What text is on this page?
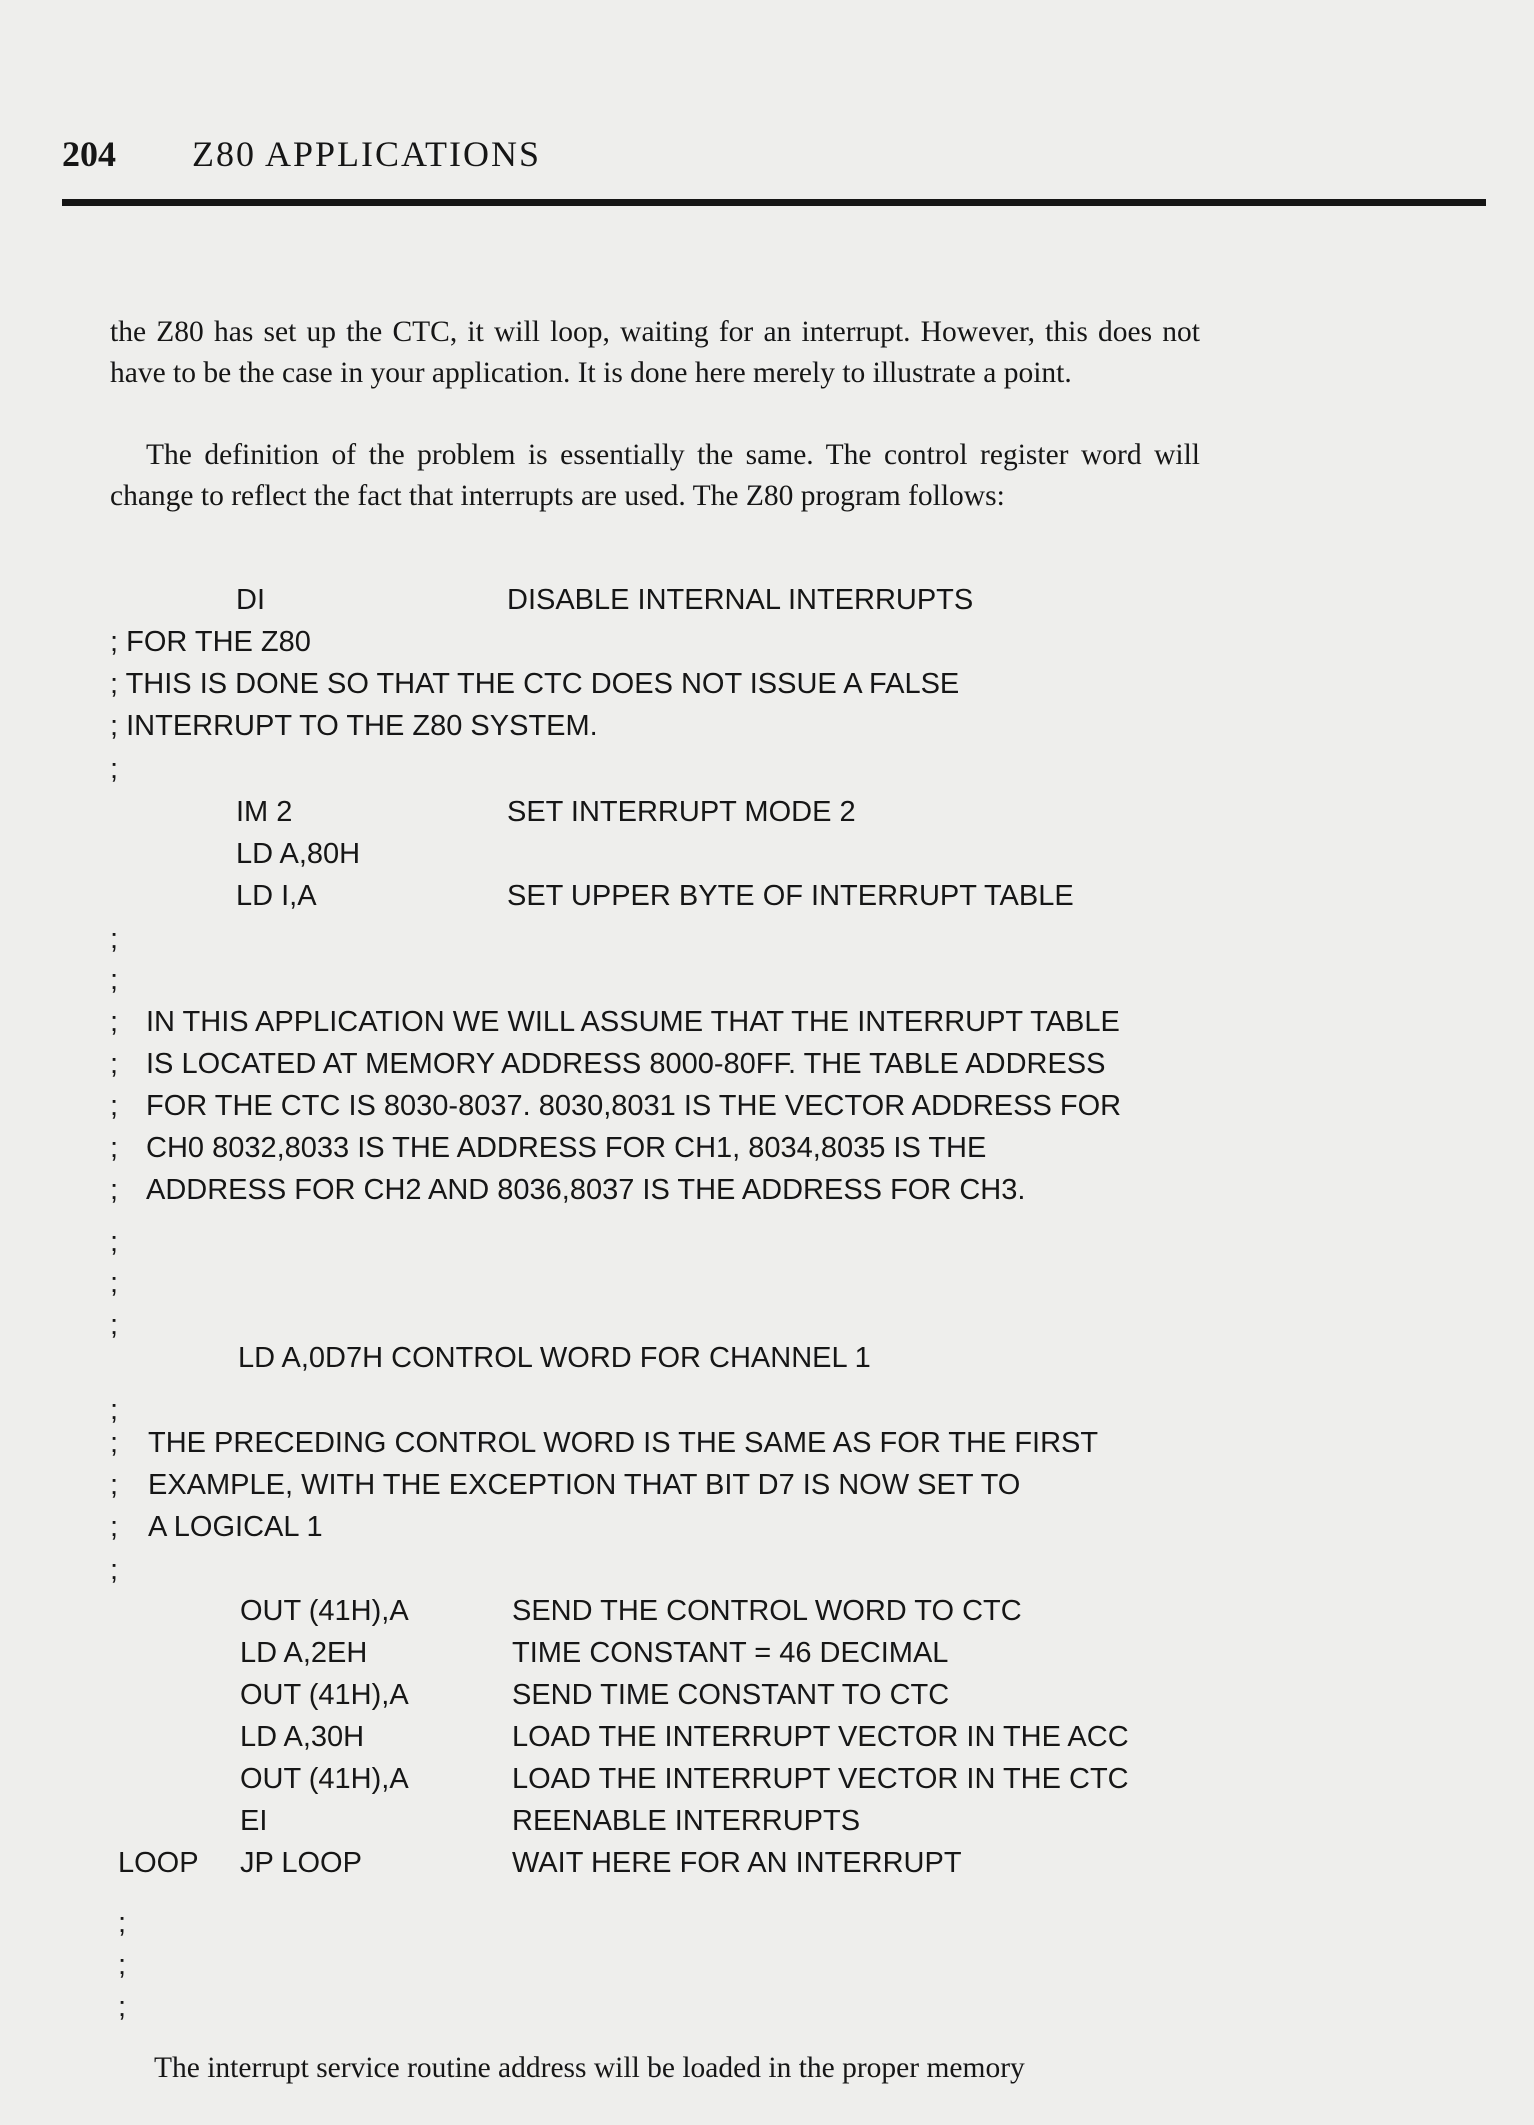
204 Z80 APPLICATIONS

the Z80 has set up the CTC, it will loop, waiting for an interrupt. However, this does not have to be the case in your application. It is done here merely to illustrate a point.

The definition of the problem is essentially the same. The control register word will change to reflect the fact that interrupts are used. The Z80 program follows:

DI	DISABLE INTERNAL INTERRUPTS
; FOR THE Z80
; THIS IS DONE SO THAT THE CTC DOES NOT ISSUE A FALSE
; INTERRUPT TO THE Z80 SYSTEM.
;
IM 2	SET INTERRUPT MODE 2
LD A,80H
LD I,A	SET UPPER BYTE OF INTERRUPT TABLE
;
;
; IN THIS APPLICATION WE WILL ASSUME THAT THE INTERRUPT TABLE
; IS LOCATED AT MEMORY ADDRESS 8000-80FF. THE TABLE ADDRESS
; FOR THE CTC IS 8030-8037. 8030,8031 IS THE VECTOR ADDRESS FOR
; CH0 8032,8033 IS THE ADDRESS FOR CH1, 8034,8035 IS THE
; ADDRESS FOR CH2 AND 8036,8037 IS THE ADDRESS FOR CH3.
;
;
;
LD A,0D7H CONTROL WORD FOR CHANNEL 1
;
; THE PRECEDING CONTROL WORD IS THE SAME AS FOR THE FIRST
; EXAMPLE, WITH THE EXCEPTION THAT BIT D7 IS NOW SET TO
; A LOGICAL 1
;
OUT (41H),A	SEND THE CONTROL WORD TO CTC
LD A,2EH	TIME CONSTANT = 46 DECIMAL
OUT (41H),A	SEND TIME CONSTANT TO CTC
LD A,30H	LOAD THE INTERRUPT VECTOR IN THE ACC
OUT (41H),A	LOAD THE INTERRUPT VECTOR IN THE CTC
EI	REENABLE INTERRUPTS
LOOP JP LOOP	WAIT HERE FOR AN INTERRUPT
;
;
;

The interrupt service routine address will be loaded in the proper memory
